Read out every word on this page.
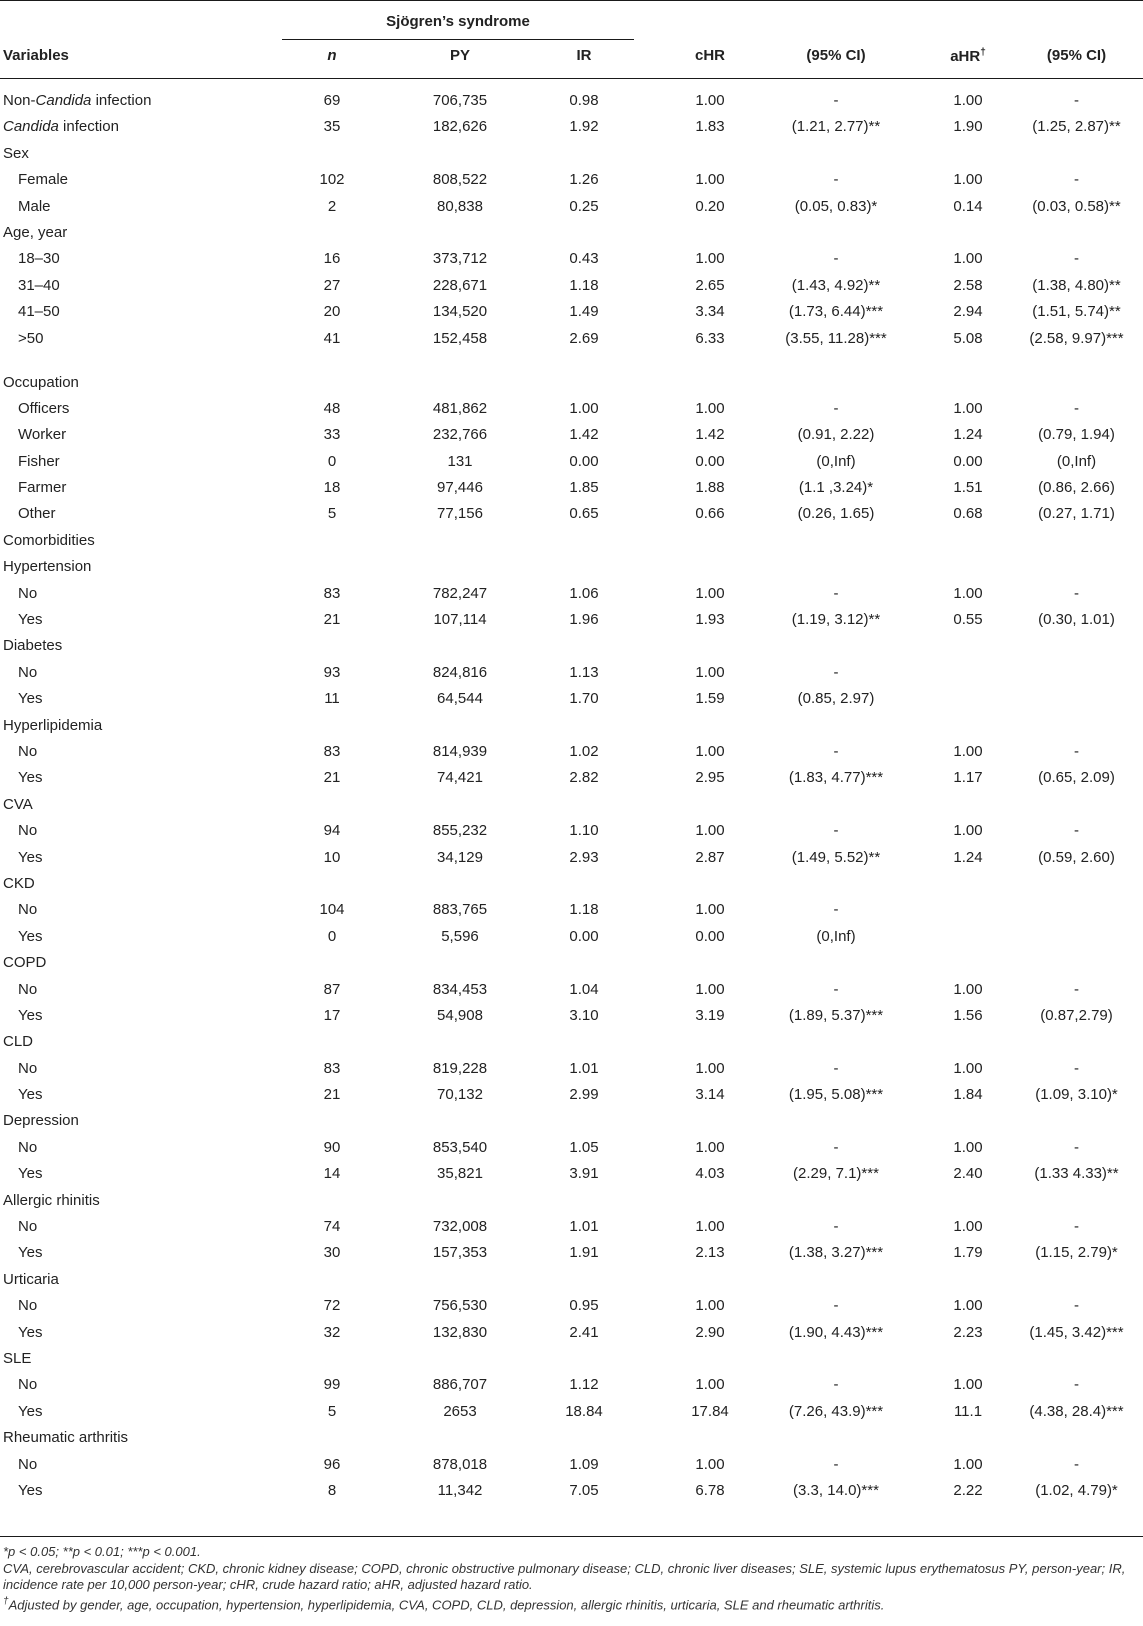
Sjögren’s syndrome
Variables	n	PY	IR	cHR	(95% CI)	aHR†	(95% CI)
Non-Candida infection	69	706,735	0.98	1.00	-	1.00	-
Candida infection	35	182,626	1.92	1.83	(1.21, 2.77)**	1.90	(1.25, 2.87)**
Sex
Female	102	808,522	1.26	1.00	-	1.00	-
Male	2	80,838	0.25	0.20	(0.05, 0.83)*	0.14	(0.03, 0.58)**
Age, year
18–30	16	373,712	0.43	1.00	-	1.00	-
31–40	27	228,671	1.18	2.65	(1.43, 4.92)**	2.58	(1.38, 4.80)**
41–50	20	134,520	1.49	3.34	(1.73, 6.44)***	2.94	(1.51, 5.74)**
>50	41	152,458	2.69	6.33	(3.55, 11.28)***	5.08	(2.58, 9.97)***
Occupation
Officers	48	481,862	1.00	1.00	-	1.00	-
Worker	33	232,766	1.42	1.42	(0.91, 2.22)	1.24	(0.79, 1.94)
Fisher	0	131	0.00	0.00	(0,Inf)	0.00	(0,Inf)
Farmer	18	97,446	1.85	1.88	(1.1 ,3.24)*	1.51	(0.86, 2.66)
Other	5	77,156	0.65	0.66	(0.26, 1.65)	0.68	(0.27, 1.71)
Comorbidities
Hypertension
No	83	782,247	1.06	1.00	-	1.00	-
Yes	21	107,114	1.96	1.93	(1.19, 3.12)**	0.55	(0.30, 1.01)
Diabetes
No	93	824,816	1.13	1.00	-
Yes	11	64,544	1.70	1.59	(0.85, 2.97)
Hyperlipidemia
No	83	814,939	1.02	1.00	-	1.00	-
Yes	21	74,421	2.82	2.95	(1.83, 4.77)***	1.17	(0.65, 2.09)
CVA
No	94	855,232	1.10	1.00	-	1.00	-
Yes	10	34,129	2.93	2.87	(1.49, 5.52)**	1.24	(0.59, 2.60)
CKD
No	104	883,765	1.18	1.00	-
Yes	0	5,596	0.00	0.00	(0,Inf)
COPD
No	87	834,453	1.04	1.00	-	1.00	-
Yes	17	54,908	3.10	3.19	(1.89, 5.37)***	1.56	(0.87,2.79)
CLD
No	83	819,228	1.01	1.00	-	1.00	-
Yes	21	70,132	2.99	3.14	(1.95, 5.08)***	1.84	(1.09, 3.10)*
Depression
No	90	853,540	1.05	1.00	-	1.00	-
Yes	14	35,821	3.91	4.03	(2.29, 7.1)***	2.40	(1.33 4.33)**
Allergic rhinitis
No	74	732,008	1.01	1.00	-	1.00	-
Yes	30	157,353	1.91	2.13	(1.38, 3.27)***	1.79	(1.15, 2.79)*
Urticaria
No	72	756,530	0.95	1.00	-	1.00	-
Yes	32	132,830	2.41	2.90	(1.90, 4.43)***	2.23	(1.45, 3.42)***
SLE
No	99	886,707	1.12	1.00	-	1.00	-
Yes	5	2653	18.84	17.84	(7.26, 43.9)***	11.1	(4.38, 28.4)***
Rheumatic arthritis
No	96	878,018	1.09	1.00	-	1.00	-
Yes	8	11,342	7.05	6.78	(3.3, 14.0)***	2.22	(1.02, 4.79)*
*p < 0.05; **p < 0.01; ***p < 0.001.
CVA, cerebrovascular accident; CKD, chronic kidney disease; COPD, chronic obstructive pulmonary disease; CLD, chronic liver diseases; SLE, systemic lupus erythematosus PY, person-year; IR, incidence rate per 10,000 person-year; cHR, crude hazard ratio; aHR, adjusted hazard ratio.
†Adjusted by gender, age, occupation, hypertension, hyperlipidemia, CVA, COPD, CLD, depression, allergic rhinitis, urticaria, SLE and rheumatic arthritis.
